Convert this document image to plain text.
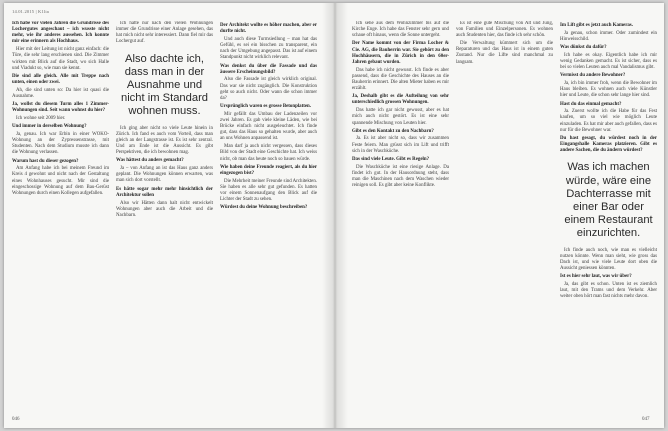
14.01.2015 | K1lia

Ich habe vor vielen Jahren die Grundrisse des Lochergutes angeschaut – ich wusste nicht mehr, wie ihr anderes aussehen. Ich konnte mir eine erinnern als Hochhaus.

Hier mit der Leitung ist nicht ganz einfach: die Türe, die sehr lang erschienen sind. Die Zimmer wirkten mit Blick auf die Stadt, wo sich Halle und Viadukt so, wie man sie kennt.

Die sind alle gleich. Alle mit Treppe nach unten, einen oder zwei.

Ah, die sind unten so: Da hier ist quasi die Ausnahme.

Ja, wollst du diesem Turm alles 1 Zimmer-Wohnungen sind. Seit wann wohnst du hier?

Ich wohne seit 2009 hier.

Und immer in derselben Wohnung?

Ja, genau. Ich war Erbin in einer WOKO-Wohnung an der Zypressenstrasse, mit Studenten. Nach dem Studium musste ich dann die Wohnung verlassen.

Warum hast du dieser gezogen?

Am Anfang habe ich bei meinem Freund im Kreis 4 gewohnt und nicht nach der Gestaltung eines Wohnhauses gesucht. Mir sind die eingeschossige Wohnung auf dem Bau-Gerüst Wohnungen durch einen Kollegen aufgefallen.

Ich hatte nur nach den vielen Wohnungen immer die Grundrisse einer Anlage gesehen, das hat mich nicht sehr interessiert. Dann fiel mir das Lochergut auf.

Also dachte ich, dass man in der Ausnahme und nicht im Standard wohnen muss.

Ich ging aber nicht so viele Leute hinein in Zürich. Ich fand es auch vom Vorteil, dass man gleich an der Langstrasse ist. Es ist sehr zentral. Und am Ende ist die Aussicht. Es gibt Perspektiven, die ich bewohnen mag.

Was hättest du anders gemacht?

Ja – von Anfang an ist das Haus ganz anders geplant. Die Wohnungen können erwarten, was man sich dort vorstellt.

Es hätte sogar mehr mehr hinsichtlich der Architektur sollen

Also wir Hätten dann halt nicht entwickelt Wohnungen aber auch die Arbeit und die Nachbarn.

Der Architekt wollte es höher machen, aber er durfte nicht.

Und auch diese Turmsiedlung – man hat das Gefühl, es sei ein bisschen zu transparent, ein nach der Umgebung angepasst. Das ist auf einem Standpunkt nicht wirklich relevant.

Was denkst du über die Fassade und das äussere Erscheinungsbild?

Also die Fassade ist gleich wirklich original. Das war sie nicht zugänglich. Die Konstruktion geht so auch nicht. Oder wann die schon immer da?

Ursprünglich waren es grosse Betonplatten.

Mir gefällt das Umbau der Ladenzeilen vor zwei Jahren. Es gab viele kleine Läden, wie bei Brücke einfach nicht ausgeleuchtet. Ich finde gut, dass das Haus so gehalten wurde, aber auch an uns Wohnen anpassend ist.

Man darf ja auch nicht vergessen, dass dieses Bild von der Stadt eine Geschichte hat. Ich weiss nicht, ob man das heute noch so bauen würde.

Wie haben deine Freunde reagiert, als du hier eingezogen bist?

Die Mehrheit meiner Freunde sind Architekten. Sie haben es alle sehr gut gefunden. Es hatten vor einem Sonnenaufgang den Blick auf die Lichter der Stadt zu sehen.

Würdest du deine Wohnung beschreiben?

046

Ich sehe aus dem Wohnzimmer bis auf die Kirche Enge. Ich habe das Fenster sehr gern und schaue oft hinaus, wenn die Sonne untergeht.

Der Name kommt von der Firma Locher & Cie. AG, die Bauherrin war. Sie gehört zu den Hochhäusern, die in Zürich in den 60er-Jahren gebaut wurden.

Das habe ich nicht gewusst. Ich finde es aber passend, dass die Geschichte des Hauses an die Bauherrin erinnert. Die alten Mieter haben es mir erzählt.

Ja, Deshalb gibt es die Aufteilung von sehr unterschiedlich grossen Wohnungen.

Das hatte ich gar nicht gewusst, aber es hat mich auch nicht gestört. Es ist eine sehr spannende Mischung von Leuten hier.

Gibt es den Kontakt zu den Nachbarn?

Ja. Es ist aber nicht so, dass wir zusammen Feste feiern. Man grüsst sich im Lift und trifft sich in der Waschküche.

Das sind viele Leute. Gibt es Regeln?

Die Waschküche ist eine riesige Anlage. Da findet ich gut. In der Hausordnung steht, dass man die Maschinen nach dem Waschen wieder reinigen soll. Es gibt aber keine Konflikte.

Es ist eine gute Mischung von Alt und Jung, von Familien und Einzelpersonen. Es wohnen auch Studenten hier, das finde ich sehr schön.

Die Verwaltung kümmert sich um die Reparaturen und das Haus ist in einem guten Zustand. Nur die Lifte sind manchmal zu langsam.

Im Lift gibt es jetzt auch Kameras.

Ja genau, schon immer. Oder zumindest ein Hinweisschild.

Was dünkst du dafür?

Ich habe es okay. Eigentlich habe ich mir wenig Gedanken gemacht. Es ist sicher, dass es bei so vielen Leuten auch mal Vandalismus gibt.

Vermisst du andere Bewohner?

Ja, ich bin immer froh, wenn die Bewohner im Haus bleiben. Es wohnen auch viele Künstler hier und Leute, die schon sehr lange hier sind.

Hast du das einmal gemacht?

Ja. Zuerst wollte ich die Habe für das Fest kaufen, um so viel wie möglich Leute einzuladen. Es hat mir aber auch gefallen, dass es nur für die Bewohner war.

Du hast gesagt, du würdest noch in der Eingangshalle Kameras platzieren. Gibt es andere Sachen, die du ändern würdest?

Was ich machen würde, wäre eine Dachterrasse mit einer Bar oder einem Restaurant einzurichten.

Ich finde auch noch, wie man es vielleicht nutzen könnte. Wenn man sieht, wie gross das Dach ist, und wie viele Leute dort oben die Aussicht geniessen könnten.

Ist es hier sehr laut, was wir über?

Ja, das gibt es schon. Unten ist es ziemlich laut, mit den Trams und dem Verkehr. Aber weiter oben hört man fast nichts mehr davon.

047
